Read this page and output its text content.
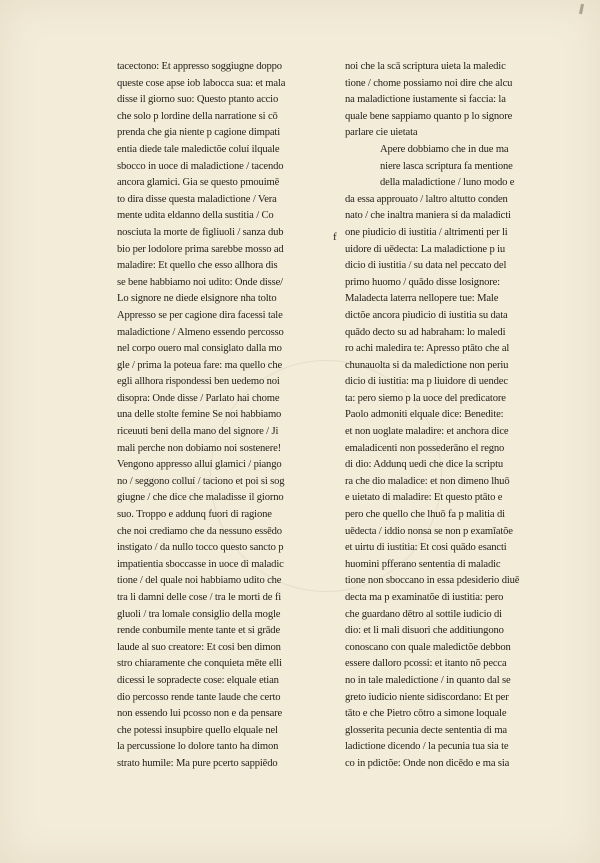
tacectono: Et appresso soggiugne doppo
queste cose apse iob labocca sua: et mala
disse il giorno suo: Questo ptanto accio
che solo p lordine della narratione si cō
prenda che gia niente p cagione dimpati
entia diede tale maledictõe coluí ilquale
sbocco in uoce di maladictione / tacendo
ancora glamici. Gia se questo pmouimē
to dira disse questa maladictione / Vera
mente udita eldanno della sustitia / Co
nosciuta la morte de figliuoli / sanza dub
bio per lodolore prima sarebbe mosso ad
maladire: Et quello che esso allhora dis
se bene habbiamo noi udito: Onde disse/
Lo signore ne diede elsignore nha tolto
Appresso se per cagione dira facessi tale
maladictione / Almeno essendo percosso
nel corpo ouero mal consiglato dalla mo
gle / prima la poteua fare: ma quello che
egli allhora rispondessi ben uedemo noi
disopra: Onde disse / Parlato hai chome
una delle stolte femine Se noi habbiamo
riceuuti beni della mano del signore / Ji
mali perche non dobiamo noi sostenere!
Vengono appresso allui glamici / piango
no / seggono colluí / taciono et poi si sog
giugne / che dice che maladisse il giorno
suo. Troppo e addunq fuori di ragione
che noi crediamo che da nessuno essēdo
instigato / da nullo tocco questo sancto p
impatientia sboccasse in uoce di maladic
tione / del quale noi habbiamo udito che
tra li damni delle cose / tra le morti de fi
gluoli / tra lomale consiglio della mogle
rende conbumile mente tante et si grāde
laude al suo creatore: Et cosi ben dimon
stro chiaramente che conquieta mēte elli
dicessi le sopradecte cose: elquale etian
dio percosso rende tante laude che certo
non essendo lui pcosso non e da pensare
che potessi insupbire quello elquale nel
la percussione lo dolore tanto ha dimon
strato humile: Ma pure pcerto sappiēdo
f
noi che la scā scriptura uieta la maledic
tione / chome possiamo noi dire che alcu
na maladictione iustamente si faccia: la
quale bene sappiamo quanto p lo signore
parlare cie uietata
Apere dobbiamo che in due ma
niere lasca scriptura fa mentione
della maladictione / luno modo e
da essa approuato / laltro altutto conden
nato / che inaltra maniera si da maladicti
one piudicio di iustitia / altrimenti per li
uidore di uēdecta: La maladictione p iu
dicio di iustitia / su data nel peccato del
primo huomo / quādo disse losignore:
Maladecta laterra nellopere tue: Male
dictõe ancora piudicio di iustitia su data
quādo decto su ad habraham: lo maledi
ro achi maledira te: Apresso ptāto che al
chunauolta si da maledictione non periu
dicio di iustitia: ma p liuidore di uendec
ta: pero siemo p la uoce del predicatore
Paolo admoniti elquale dice: Benedite:
et non uoglate maladire: et anchora dice
emaladicenti non possederāno el regno
di dio: Addunq uedi che dice la scriptu
ra che dio maladice: et non dimeno lhuō
e uietato di maladire: Et questo ptāto e
pero che quello che lhuō fa p malitia di
uēdecta / iddio nonsa se non p examīatõe
et uirtu di iustitia: Et cosi quādo esancti
huomini pfferano sententia di maladic
tione non sboccano in essa pdesiderio diuē
decta ma p examinatõe di iustitia: pero
che guardano dētro al sottile iudicio di
dio: et li mali disuori che additiungono
conoscano con quale maledictõe debbon
essere dalloro pcossi: et itanto nõ pecca
no in tale maledictione / in quanto dal se
greto iudicio niente sidiscordano: Et per
tāto e che Pietro cōtro a simone loquale
glosserita pecunia decte sententia di ma
ladictione dicendo / la pecunia tua sia te
co in pdictõe: Onde non dicēdo e ma sia
